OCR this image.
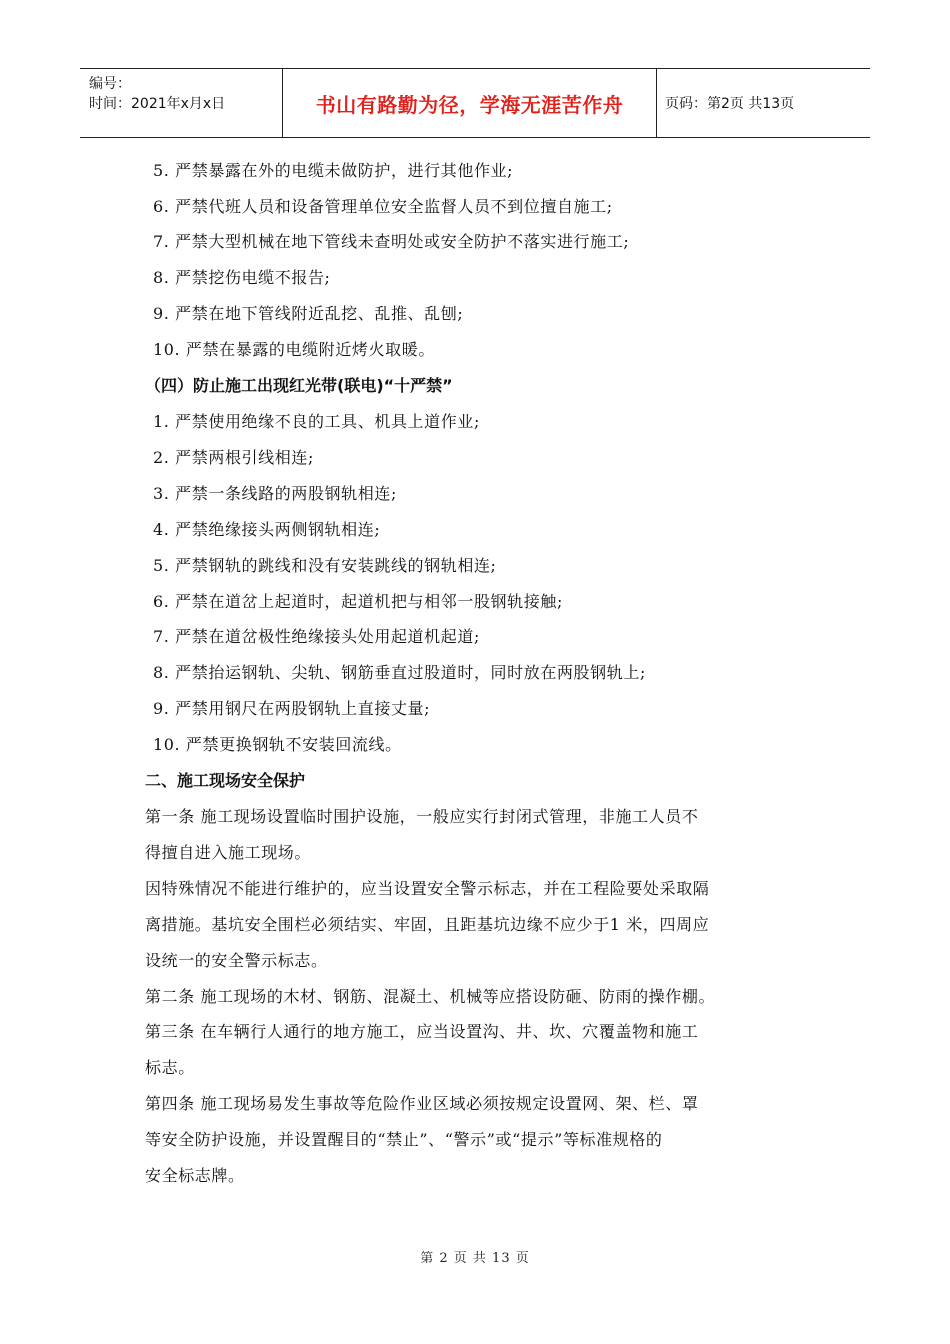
编号：
时间：2021年x月x日	书山有路勤为径，学海无涯苦作舟	页码：第2页 共13页
5. 严禁暴露在外的电缆未做防护，进行其他作业;
6. 严禁代班人员和设备管理单位安全监督人员不到位擅自施工;
7. 严禁大型机械在地下管线未查明处或安全防护不落实进行施工;
8. 严禁挖伤电缆不报告;
9. 严禁在地下管线附近乱挖、乱推、乱刨;
10. 严禁在暴露的电缆附近烤火取暖。
（四）防止施工出现红光带(联电)“十严禁”
1. 严禁使用绝缘不良的工具、机具上道作业;
2. 严禁两根引线相连;
3. 严禁一条线路的两股钢轨相连;
4. 严禁绝缘接头两侧钢轨相连;
5. 严禁钢轨的跳线和没有安装跳线的钢轨相连;
6. 严禁在道岔上起道时，起道机把与相邻一股钢轨接触;
7. 严禁在道岔极性绝缘接头处用起道机起道;
8. 严禁抬运钢轨、尖轨、钢筋垂直过股道时，同时放在两股钢轨上;
9. 严禁用钢尺在两股钢轨上直接丈量;
10. 严禁更换钢轨不安装回流线。
二、施工现场安全保护
第一条 施工现场设置临时围护设施，一般应实行封闭式管理，非施工人员不
得擅自进入施工现场。
因特殊情况不能进行维护的，应当设置安全警示标志，并在工程险要处采取隔
离措施。基坑安全围栏必须结实、牢固，且距基坑边缘不应少于1 米，四周应
设统一的安全警示标志。
第二条 施工现场的木材、钢筋、混凝土、机械等应搭设防砸、防雨的操作棚。
第三条 在车辆行人通行的地方施工，应当设置沟、井、坎、穴覆盖物和施工
标志。
第四条 施工现场易发生事故等危险作业区域必须按规定设置网、架、栏、罩
等安全防护设施，并设置醒目的“禁止”、“警示”或“提示”等标准规格的
安全标志牌。
第 2 页 共 13 页
